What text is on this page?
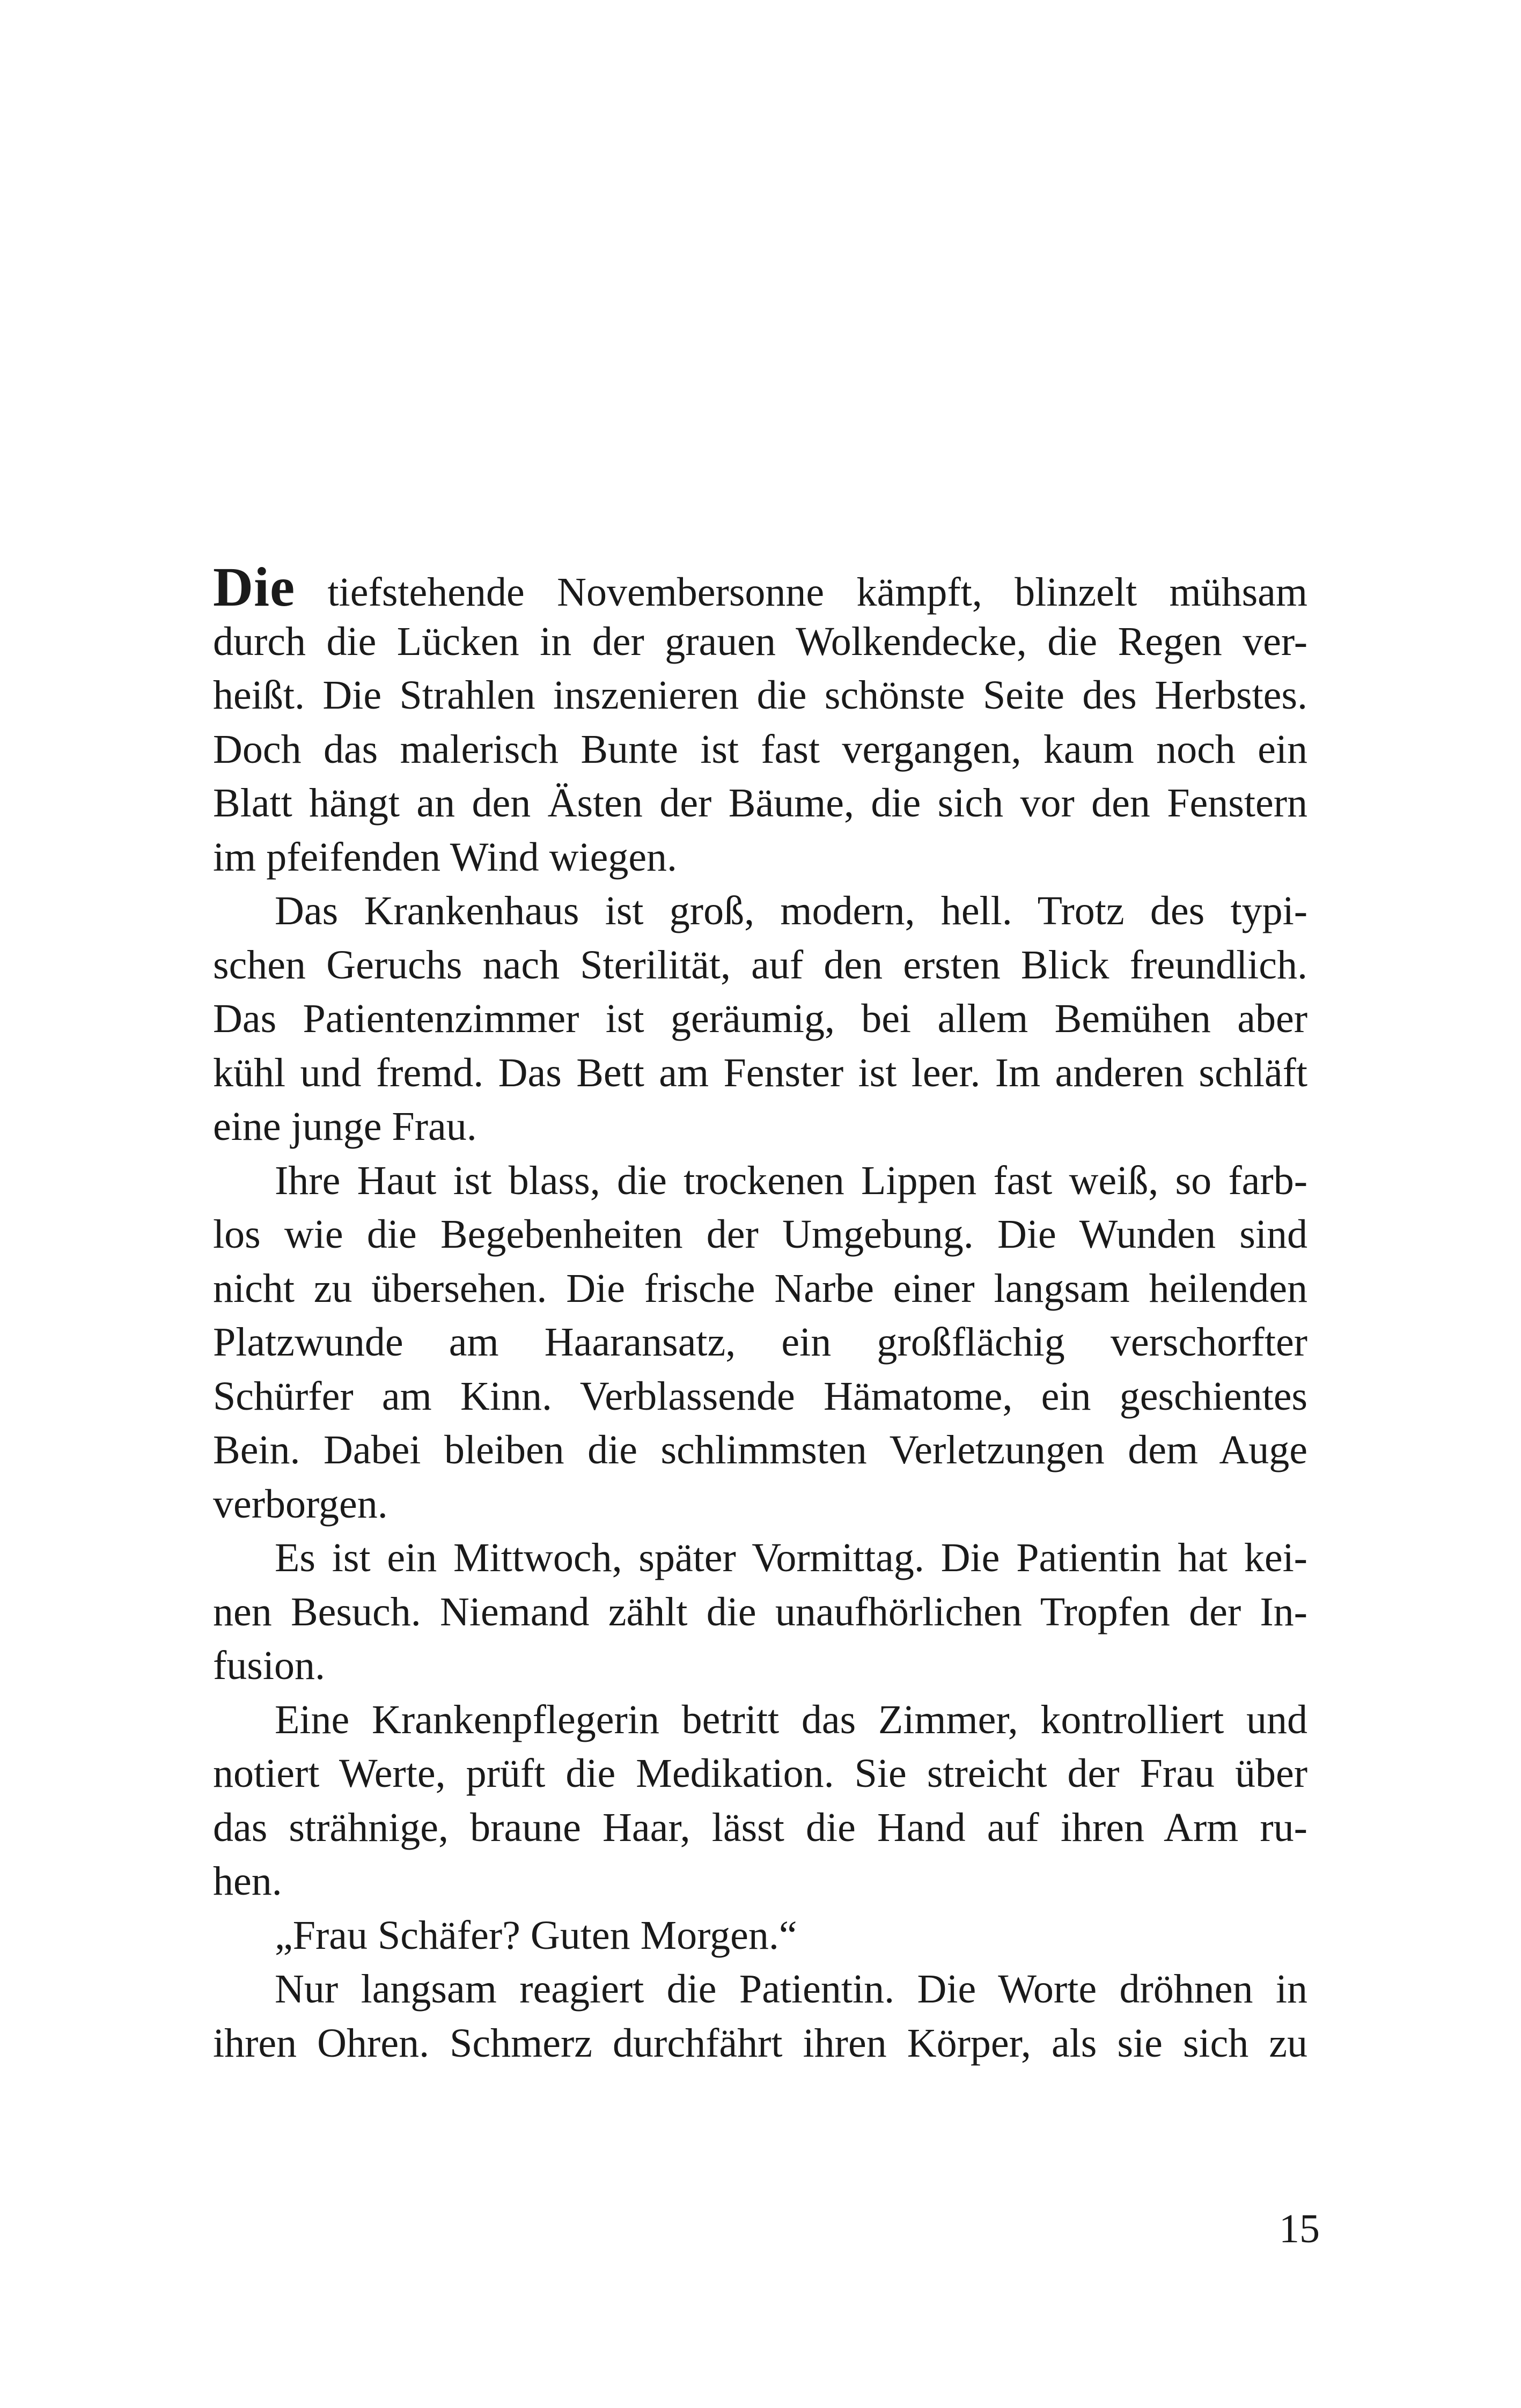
Die tiefstehende Novembersonne kämpft, blinzelt mühsam
durch die Lücken in der grauen Wolkendecke, die Regen ver-
heißt. Die Strahlen inszenieren die schönste Seite des Herbstes.
Doch das malerisch Bunte ist fast vergangen, kaum noch ein
Blatt hängt an den Ästen der Bäume, die sich vor den Fenstern
im pfeifenden Wind wiegen.
Das Krankenhaus ist groß, modern, hell. Trotz des typi-
schen Geruchs nach Sterilität, auf den ersten Blick freundlich.
Das Patientenzimmer ist geräumig, bei allem Bemühen aber
kühl und fremd. Das Bett am Fenster ist leer. Im anderen schläft
eine junge Frau.
Ihre Haut ist blass, die trockenen Lippen fast weiß, so farb-
los wie die Begebenheiten der Umgebung. Die Wunden sind
nicht zu übersehen. Die frische Narbe einer langsam heilenden
Platzwunde am Haaransatz, ein großflächig verschorfter
Schürfer am Kinn. Verblassende Hämatome, ein geschientes
Bein. Dabei bleiben die schlimmsten Verletzungen dem Auge
verborgen.
Es ist ein Mittwoch, später Vormittag. Die Patientin hat kei-
nen Besuch. Niemand zählt die unaufhörlichen Tropfen der In-
fusion.
Eine Krankenpflegerin betritt das Zimmer, kontrolliert und
notiert Werte, prüft die Medikation. Sie streicht der Frau über
das strähnige, braune Haar, lässt die Hand auf ihren Arm ru-
hen.
„Frau Schäfer? Guten Morgen.“
Nur langsam reagiert die Patientin. Die Worte dröhnen in
ihren Ohren. Schmerz durchfährt ihren Körper, als sie sich zu
15
